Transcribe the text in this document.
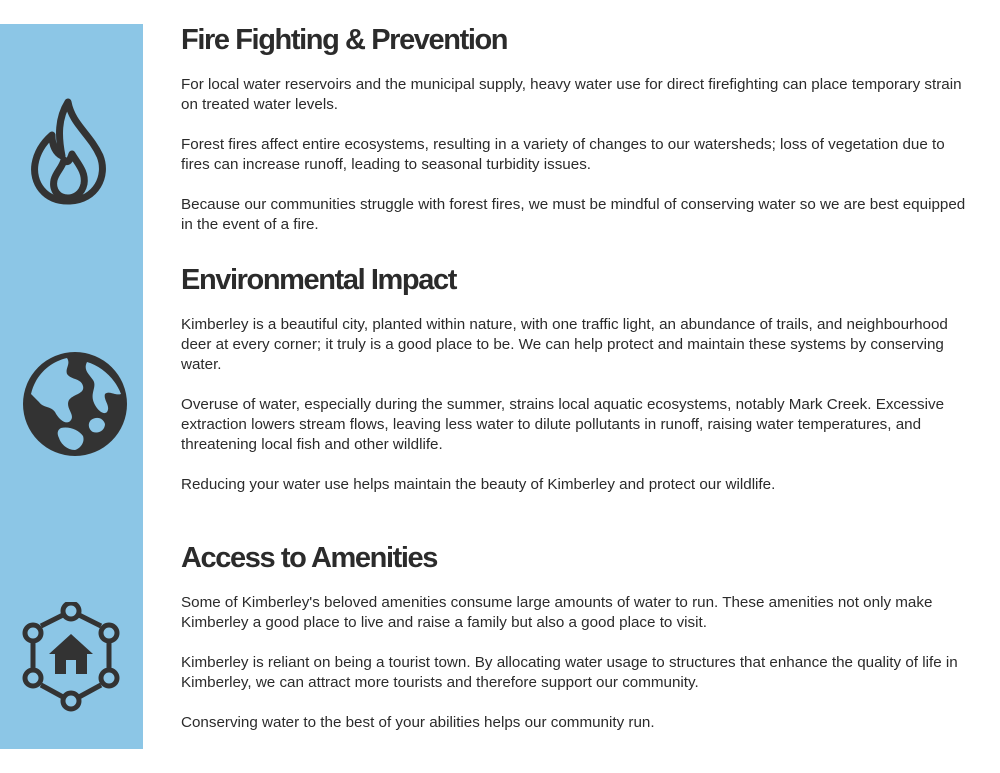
Fire Fighting & Prevention

For local water reservoirs and the municipal supply, heavy water use for direct firefighting can place temporary strain on treated water levels.

Forest fires affect entire ecosystems, resulting in a variety of changes to our watersheds; loss of vegetation due to fires can increase runoff, leading to seasonal turbidity issues.

Because our communities struggle with forest fires, we must be mindful of conserving water so we are best equipped in the event of a fire.

Environmental Impact

Kimberley is a beautiful city, planted within nature, with one traffic light, an abundance of trails, and neighbourhood deer at every corner; it truly is a good place to be. We can help protect and maintain these systems by conserving water.

Overuse of water, especially during the summer, strains local aquatic ecosystems, notably Mark Creek. Excessive extraction lowers stream flows, leaving less water to dilute pollutants in runoff, raising water temperatures, and threatening local fish and other wildlife.

Reducing your water use helps maintain the beauty of Kimberley and protect our wildlife.

Access to Amenities

Some of Kimberley's beloved amenities consume large amounts of water to run. These amenities not only make Kimberley a good place to live and raise a family but also a good place to visit.

Kimberley is reliant on being a tourist town. By allocating water usage to structures that enhance the quality of life in Kimberley, we can attract more tourists and therefore support our community.

Conserving water to the best of your abilities helps our community run.
